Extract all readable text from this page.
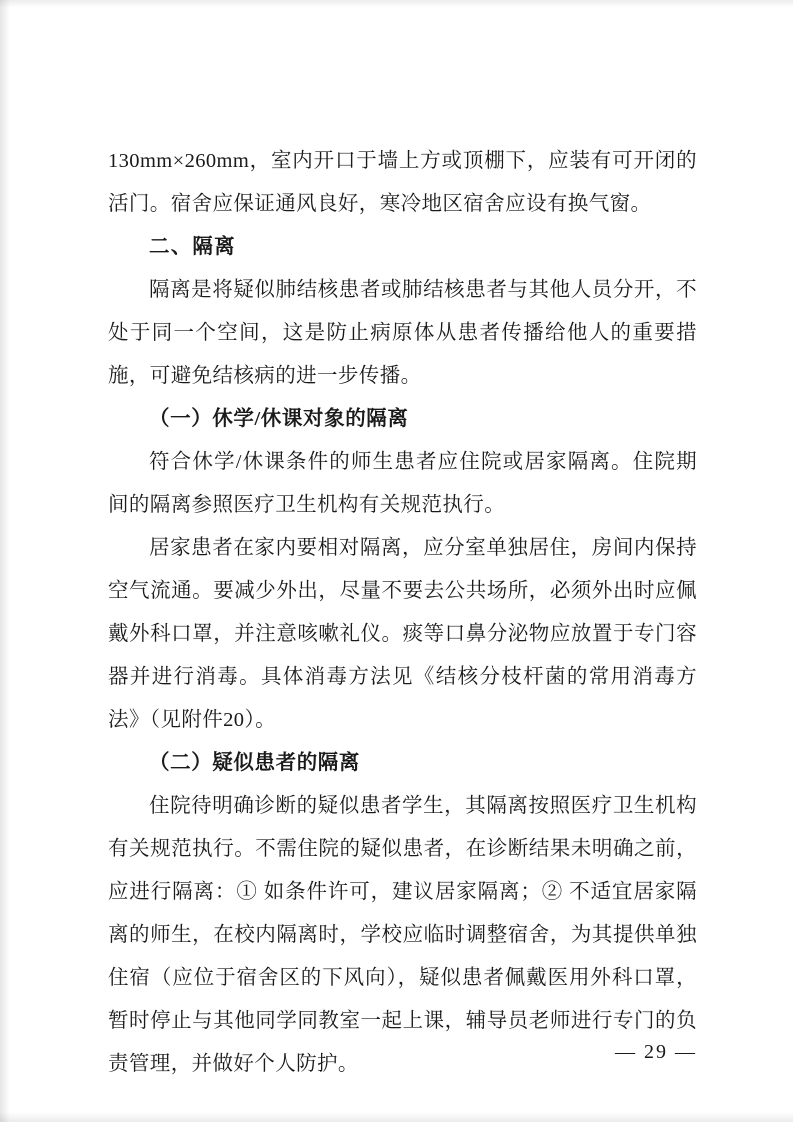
130mm×260mm，室内开口于墙上方或顶棚下，应装有可开闭的活门。宿舍应保证通风良好，寒冷地区宿舍应设有换气窗。

二、隔离

隔离是将疑似肺结核患者或肺结核患者与其他人员分开，不处于同一个空间，这是防止病原体从患者传播给他人的重要措施，可避免结核病的进一步传播。

（一）休学/休课对象的隔离

符合休学/休课条件的师生患者应住院或居家隔离。住院期间的隔离参照医疗卫生机构有关规范执行。

居家患者在家内要相对隔离，应分室单独居住，房间内保持空气流通。要减少外出，尽量不要去公共场所，必须外出时应佩戴外科口罩，并注意咳嗽礼仪。痰等口鼻分泌物应放置于专门容器并进行消毒。具体消毒方法见《结核分枝杆菌的常用消毒方法》（见附件20）。

（二）疑似患者的隔离

住院待明确诊断的疑似患者学生，其隔离按照医疗卫生机构有关规范执行。不需住院的疑似患者，在诊断结果未明确之前，应进行隔离：① 如条件许可，建议居家隔离；② 不适宜居家隔离的师生，在校内隔离时，学校应临时调整宿舍，为其提供单独住宿（应位于宿舍区的下风向），疑似患者佩戴医用外科口罩，暂时停止与其他同学同教室一起上课，辅导员老师进行专门的负责管理，并做好个人防护。

— 29 —
